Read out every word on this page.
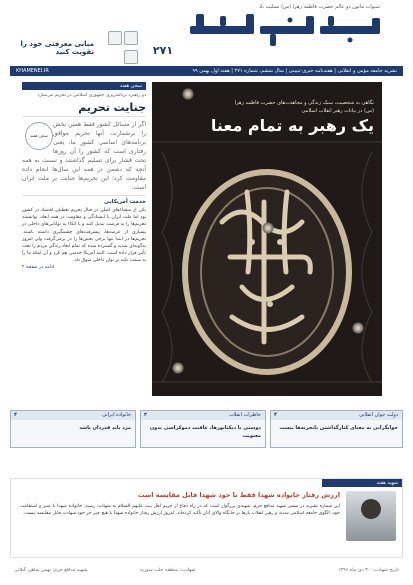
شنوات ماتون دو عالم حضرت فاطمه زهرا (س) تسلیت باد
۲۷۱
مبانی معرفتی خود را تقویت کنید
نشریه جامعه مؤمن و انقلابی | هفته‌نامه خبری-تبیینی | سال ششم، شماره ۲۷۱ | هفته اول بهمن ۹۹
KHAMENEI.IR
سخن هفته
دو راهبرد برنامه‌ریزی جمهوری اسلامی در تحریم می‌سازد
جنایت تحریم
سخن هفته

اگر از مسائل کشور فقط همین بخش را برشمارند، آنها تحریم موافق برنامه‌های اساسی کشور ما، یعنی رفتاری است که کشور را آن روزها تحت فشار برای تسلیم گذاشتند و نسبت به همه آنچه که دشمن در همه این سال‌ها انجام داده مقاومت کرد؛ این تحریم‌ها جنایت بر ملت ایران است.

خدمت آمریکایی
یکی از منشاء‌های اصلی در قبال تحریم تعطیلی اقتصاد در کشور بود اما ملت ایران با ایستادگی و مقاومت در همه ابعاد، توانستند تحریم‌ها را به فرصت تبدیل کنند و با اتکاء به توانایی‌های داخلی در بسیاری از عرصه‌ها، پیشرفت‌های چشمگیری داشته باشند. تحریم‌ها در ابتدا تنها برخی بخش‌ها را در برمی‌گرفت ولی امروز به‌گونه‌ای شدید و گسترده شده که تمام ابعاد زندگی مردم را تحت تأثیر قرار داده است. البته آمریکا خدمتی هم کرد و آن اینکه ما را به سمت تکیه بر توان داخلی سوق داد.
ادامه در صفحه ۲
نگاهی به شخصیت، سبک زندگی و مجاهدت‌های حضرت فاطمه زهرا (س) در بیانات رهبر انقلاب اسلامی
یک رهبر به تمام معنا
دولت جوان انقلابی
۴
جوانگرایی به معنای کنارگذاشتن باتجربه‌ها نیست
خاطرات انقلاب
۳
دوستی با دیکتاتورها، عاقبت دموکراسی بدون معنویت
خانواده ایرانی
۴
مرد باید قدردان باشد
شهید هفته
ارزش رفتار خانواده شهدا فقط با خود شهدا قابل مقایسه است
این شماره نشریه در مسیر شهید مدافع حرم، شهیدی بزرگوار است که در راه دفاع از حریم اهل بیت علیهم السلام به شهادت رسید. خانواده شهدا با صبر و استقامت خود، الگوی جامعه اسلامی شدند و رهبر انقلاب بارها بر جایگاه والای آنان تأکید کرده‌اند. امروز ارزش رفتار خانواده شهدا با هیچ چیز جز خود شهادت قابل مقایسه نیست.
تاریخ شهادت: ۳۰ دی ماه ۱۳۹۶
شهادت: منطقه حلب سوریه
شهید مدافع حرم: بهمن شاهی گیلانی
